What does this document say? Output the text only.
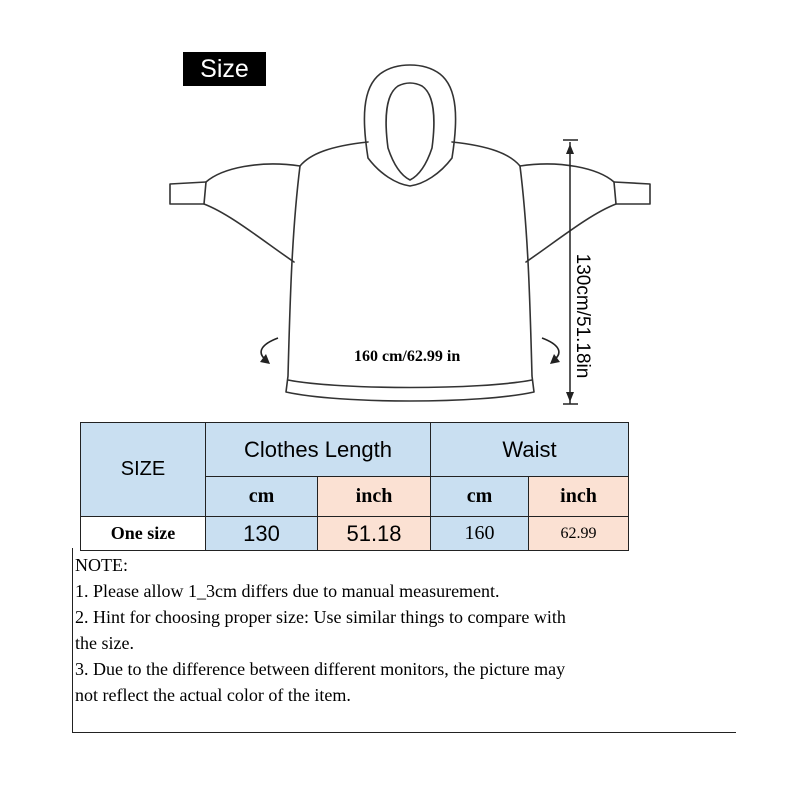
Size
160 cm/62.99 in	130cm/51.18in
SIZE	Clothes Length		Waist	
	cm	inch	cm	inch
One size	130	51.18	160	62.99
NOTE:
1. Please allow 1_3cm differs due to manual measurement.
2. Hint for choosing proper size: Use similar things to compare with
the size.
3. Due to the difference between different monitors, the picture may
not reflect the actual color of the item.
